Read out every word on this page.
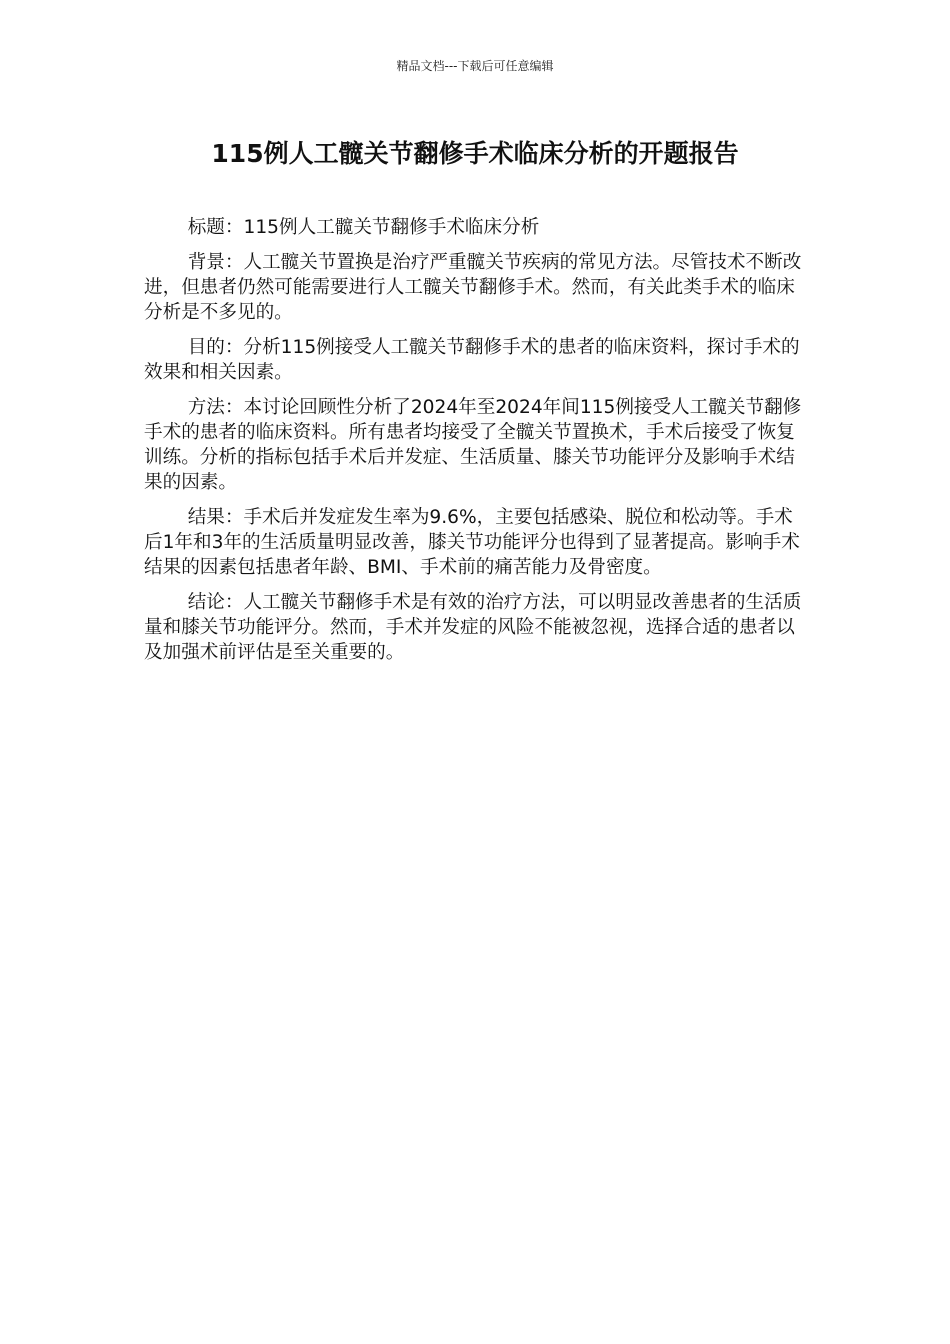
精品文档---下载后可任意编辑
115例人工髋关节翻修手术临床分析的开题报告

标题：115例人工髋关节翻修手术临床分析

背景：人工髋关节置换是治疗严重髋关节疾病的常见方法。尽管技术不断改进，但患者仍然可能需要进行人工髋关节翻修手术。然而，有关此类手术的临床分析是不多见的。

目的：分析115例接受人工髋关节翻修手术的患者的临床资料，探讨手术的效果和相关因素。

方法：本讨论回顾性分析了2024年至2024年间115例接受人工髋关节翻修手术的患者的临床资料。所有患者均接受了全髋关节置换术，手术后接受了恢复训练。分析的指标包括手术后并发症、生活质量、膝关节功能评分及影响手术结果的因素。

结果：手术后并发症发生率为9.6%，主要包括感染、脱位和松动等。手术后1年和3年的生活质量明显改善，膝关节功能评分也得到了显著提高。影响手术结果的因素包括患者年龄、BMI、手术前的痛苦能力及骨密度。

结论：人工髋关节翻修手术是有效的治疗方法，可以明显改善患者的生活质量和膝关节功能评分。然而，手术并发症的风险不能被忽视，选择合适的患者以及加强术前评估是至关重要的。
